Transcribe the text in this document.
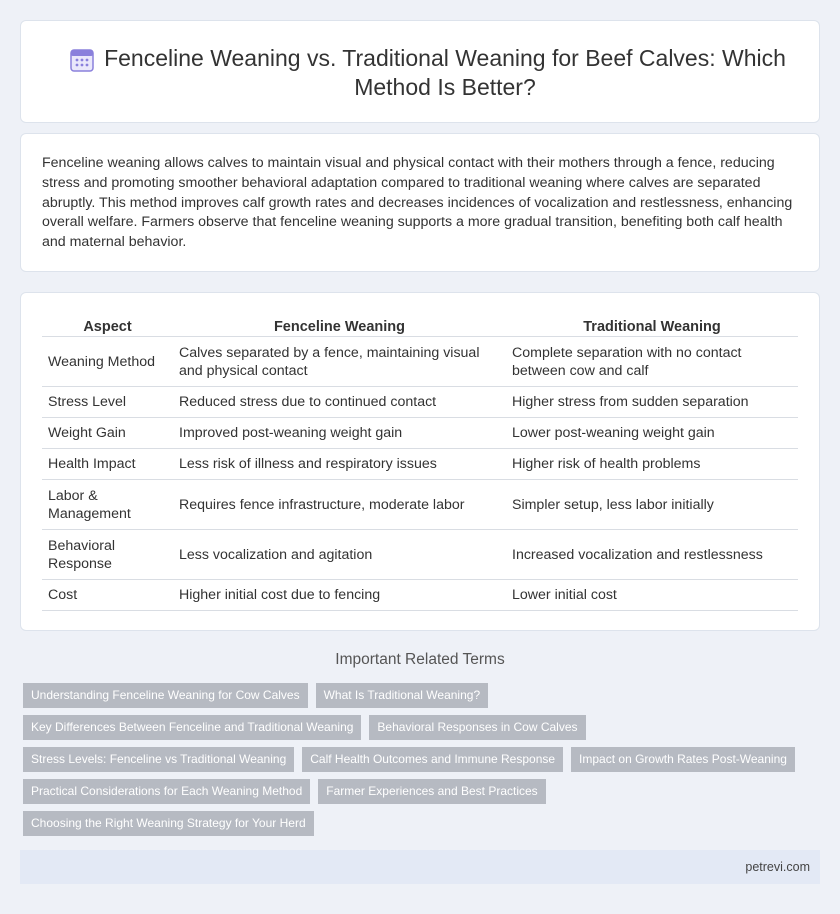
Fenceline Weaning vs. Traditional Weaning for Beef Calves: Which Method Is Better?

Fenceline weaning allows calves to maintain visual and physical contact with their mothers through a fence, reducing stress and promoting smoother behavioral adaptation compared to traditional weaning where calves are separated abruptly. This method improves calf growth rates and decreases incidences of vocalization and restlessness, enhancing overall welfare. Farmers observe that fenceline weaning supports a more gradual transition, benefiting both calf health and maternal behavior.

Aspect	Fenceline Weaning	Traditional Weaning
Weaning Method	Calves separated by a fence, maintaining visual and physical contact	Complete separation with no contact between cow and calf
Stress Level	Reduced stress due to continued contact	Higher stress from sudden separation
Weight Gain	Improved post-weaning weight gain	Lower post-weaning weight gain
Health Impact	Less risk of illness and respiratory issues	Higher risk of health problems
Labor & Management	Requires fence infrastructure, moderate labor	Simpler setup, less labor initially
Behavioral Response	Less vocalization and agitation	Increased vocalization and restlessness
Cost	Higher initial cost due to fencing	Lower initial cost
Important Related Terms
Understanding Fenceline Weaning for Cow Calves	What Is Traditional Weaning?
Key Differences Between Fenceline and Traditional Weaning	Behavioral Responses in Cow Calves
Stress Levels: Fenceline vs Traditional Weaning	Calf Health Outcomes and Immune Response	Impact on Growth Rates Post-Weaning
Practical Considerations for Each Weaning Method	Farmer Experiences and Best Practices
Choosing the Right Weaning Strategy for Your Herd
petrevi.com
